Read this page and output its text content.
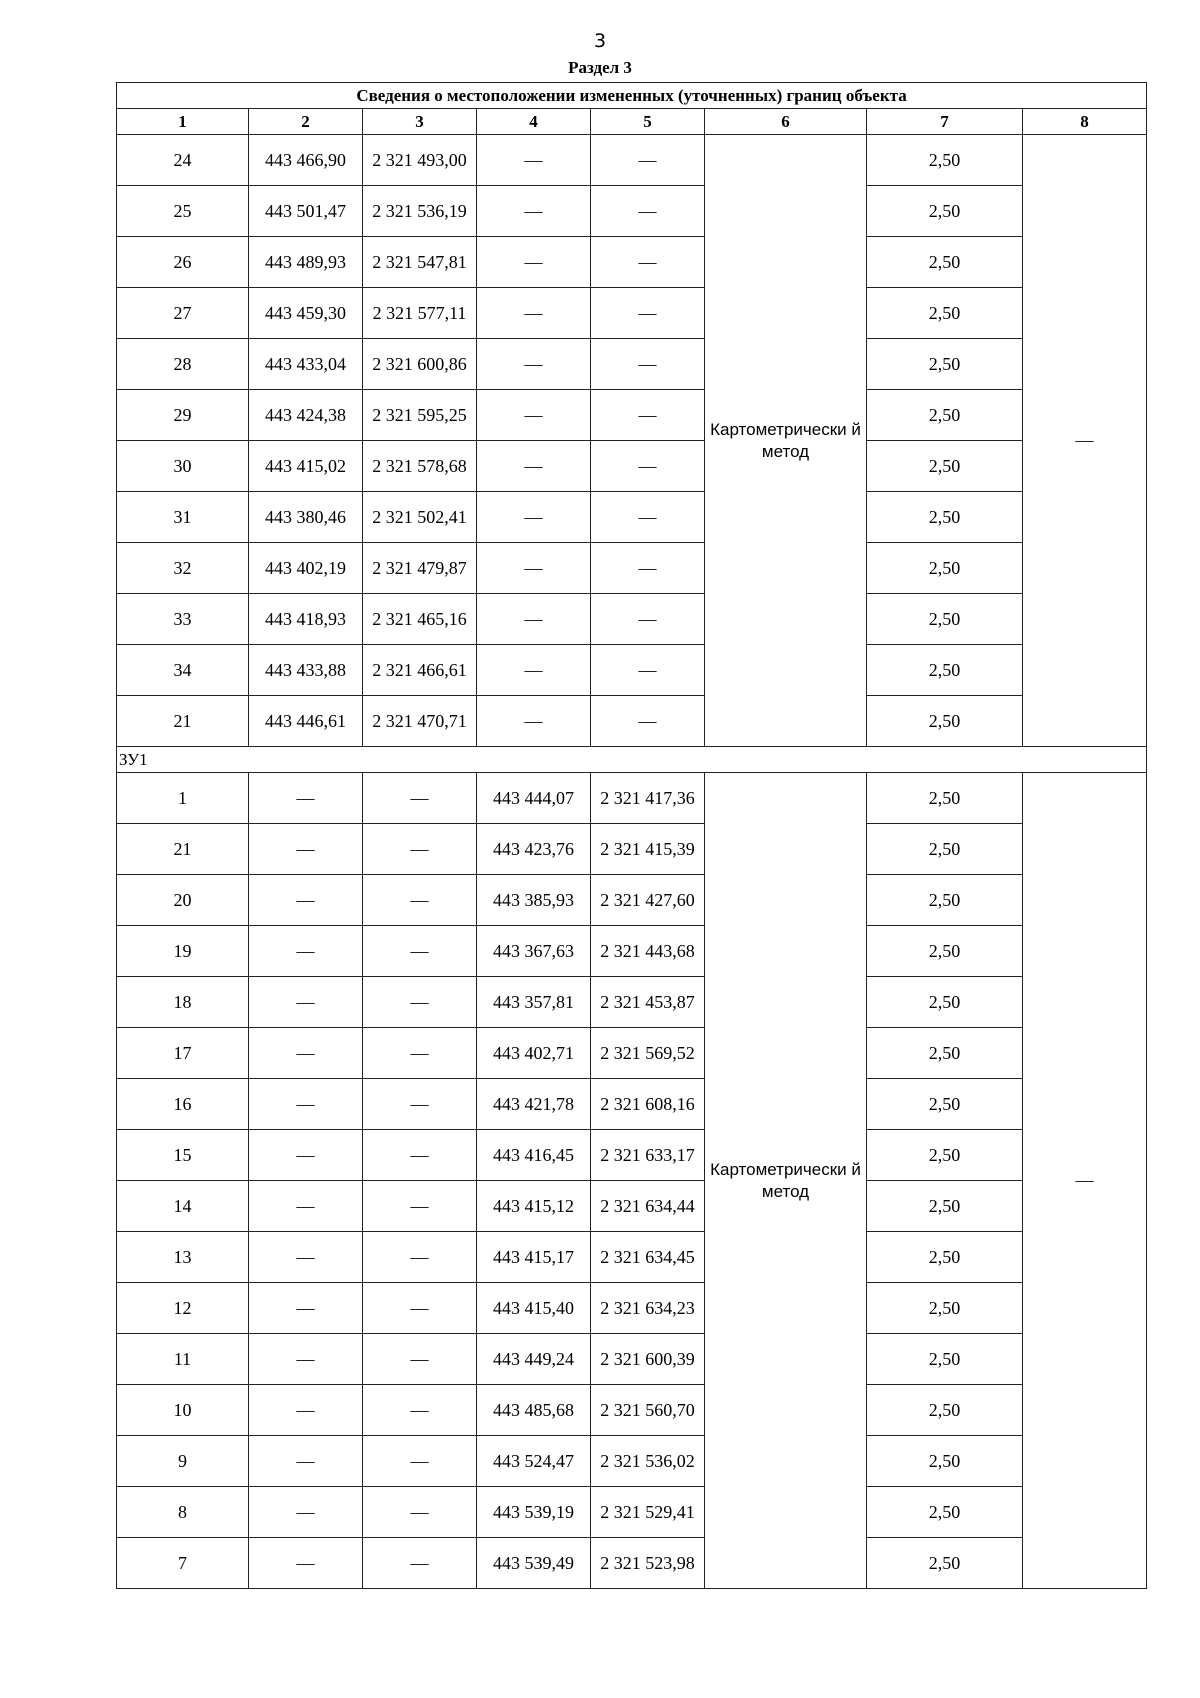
3
Раздел 3
Сведения о местоположении измененных (уточненных) границ объекта							
1	2	3	4	5	6	7	8
24	443 466,90	2 321 493,00	—	—	Картометрически й метод	2,50	—
25	443 501,47	2 321 536,19	—	—		2,50	
26	443 489,93	2 321 547,81	—	—		2,50	
27	443 459,30	2 321 577,11	—	—		2,50	
28	443 433,04	2 321 600,86	—	—		2,50	
29	443 424,38	2 321 595,25	—	—		2,50	
30	443 415,02	2 321 578,68	—	—		2,50	
31	443 380,46	2 321 502,41	—	—		2,50	
32	443 402,19	2 321 479,87	—	—		2,50	
33	443 418,93	2 321 465,16	—	—		2,50	
34	443 433,88	2 321 466,61	—	—		2,50	
21	443 446,61	2 321 470,71	—	—		2,50	
ЗУ1							
1	—	—	443 444,07	2 321 417,36	Картометрически й метод	2,50	—
21	—	—	443 423,76	2 321 415,39		2,50	
20	—	—	443 385,93	2 321 427,60		2,50	
19	—	—	443 367,63	2 321 443,68		2,50	
18	—	—	443 357,81	2 321 453,87		2,50	
17	—	—	443 402,71	2 321 569,52		2,50	
16	—	—	443 421,78	2 321 608,16		2,50	
15	—	—	443 416,45	2 321 633,17		2,50	
14	—	—	443 415,12	2 321 634,44		2,50	
13	—	—	443 415,17	2 321 634,45		2,50	
12	—	—	443 415,40	2 321 634,23		2,50	
11	—	—	443 449,24	2 321 600,39		2,50	
10	—	—	443 485,68	2 321 560,70		2,50	
9	—	—	443 524,47	2 321 536,02		2,50	
8	—	—	443 539,19	2 321 529,41		2,50	
7	—	—	443 539,49	2 321 523,98		2,50	
